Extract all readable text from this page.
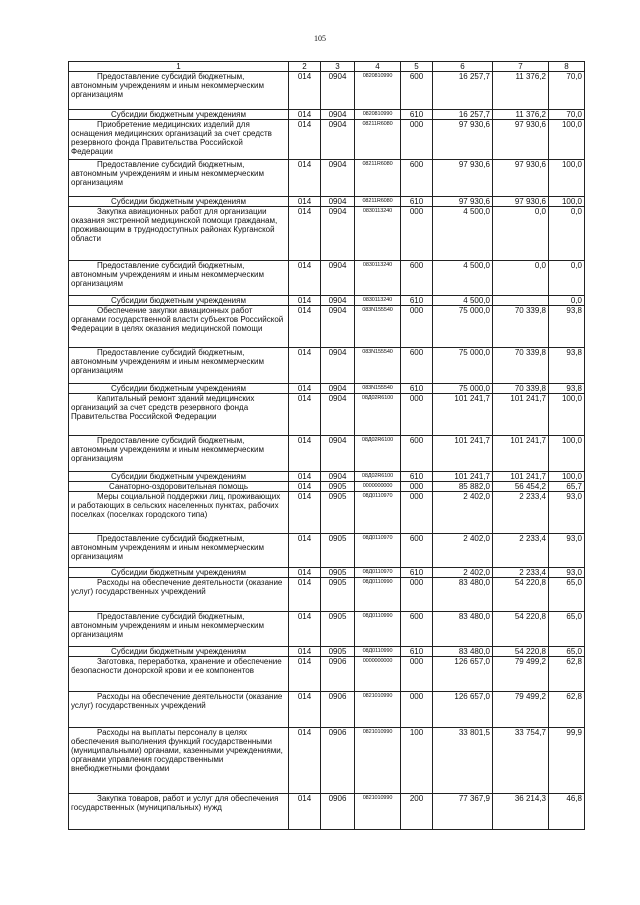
105
1	2	3	4	5	6	7	8
Предоставление субсидий бюджетным, автономным учреждениям и иным некоммерческим организациям	014	0904	0820810990	600	16 257,7	11 376,2	70,0
Субсидии бюджетным учреждениям	014	0904	0820810990	610	16 257,7	11 376,2	70,0
Приобретение медицинских изделий для оснащения медицинских организаций за счет средств резервного фонда Правительства Российской Федерации	014	0904	08211R6080	000	97 930,6	97 930,6	100,0
Предоставление субсидий бюджетным, автономным учреждениям и иным некоммерческим организациям	014	0904	08211R6080	600	97 930,6	97 930,6	100,0
Субсидии бюджетным учреждениям	014	0904	08211R6080	610	97 930,6	97 930,6	100,0
Закупка авиационных работ для организации оказания экстренной медицинской помощи гражданам, проживающим в труднодоступных районах Курганской области	014	0904	0830113240	000	4 500,0	0,0	0,0
Предоставление субсидий бюджетным, автономным учреждениям и иным некоммерческим организациям	014	0904	0830113240	600	4 500,0	0,0	0,0
Субсидии бюджетным учреждениям	014	0904	0830113240	610	4 500,0		0,0
Обеспечение закупки авиационных работ органами государственной власти субъектов Российской Федерации в целях оказания медицинской помощи	014	0904	083N155540	000	75 000,0	70 339,8	93,8
Предоставление субсидий бюджетным, автономным учреждениям и иным некоммерческим организациям	014	0904	083N155540	600	75 000,0	70 339,8	93,8
Субсидии бюджетным учреждениям	014	0904	083N155540	610	75 000,0	70 339,8	93,8
Капитальный ремонт зданий медицинских организаций за счет средств резервного фонда Правительства Российской Федерации	014	0904	08Д02R6100	000	101 241,7	101 241,7	100,0
Предоставление субсидий бюджетным, автономным учреждениям и иным некоммерческим организациям	014	0904	08Д02R6100	600	101 241,7	101 241,7	100,0
Субсидии бюджетным учреждениям	014	0904	08Д02R6100	610	101 241,7	101 241,7	100,0
Санаторно-оздоровительная помощь	014	0905	0000000000	000	85 882,0	56 454,2	65,7
Меры социальной поддержки лиц, проживающих и работающих в сельских населенных пунктах, рабочих поселках (поселках городского типа)	014	0905	08Д0110970	000	2 402,0	2 233,4	93,0
Предоставление субсидий бюджетным, автономным учреждениям и иным некоммерческим организациям	014	0905	08Д0110970	600	2 402,0	2 233,4	93,0
Субсидии бюджетным учреждениям	014	0905	08Д0110970	610	2 402,0	2 233,4	93,0
Расходы на обеспечение деятельности (оказание услуг) государственных учреждений	014	0905	08Д0110990	000	83 480,0	54 220,8	65,0
Предоставление субсидий бюджетным, автономным учреждениям и иным некоммерческим организациям	014	0905	08Д0110990	600	83 480,0	54 220,8	65,0
Субсидии бюджетным учреждениям	014	0905	08Д0110990	610	83 480,0	54 220,8	65,0
Заготовка, переработка, хранение и обеспечение безопасности донорской крови и ее компонентов	014	0906	0000000000	000	126 657,0	79 499,2	62,8
Расходы на обеспечение деятельности (оказание услуг) государственных учреждений	014	0906	0821010990	000	126 657,0	79 499,2	62,8
Расходы на выплаты персоналу в целях обеспечения выполнения функций государственными (муниципальными) органами, казенными учреждениями, органами управления государственными внебюджетными фондами	014	0906	0821010990	100	33 801,5	33 754,7	99,9
Закупка товаров, работ и услуг для обеспечения государственных (муниципальных) нужд	014	0906	0821010990	200	77 367,9	36 214,3	46,8
